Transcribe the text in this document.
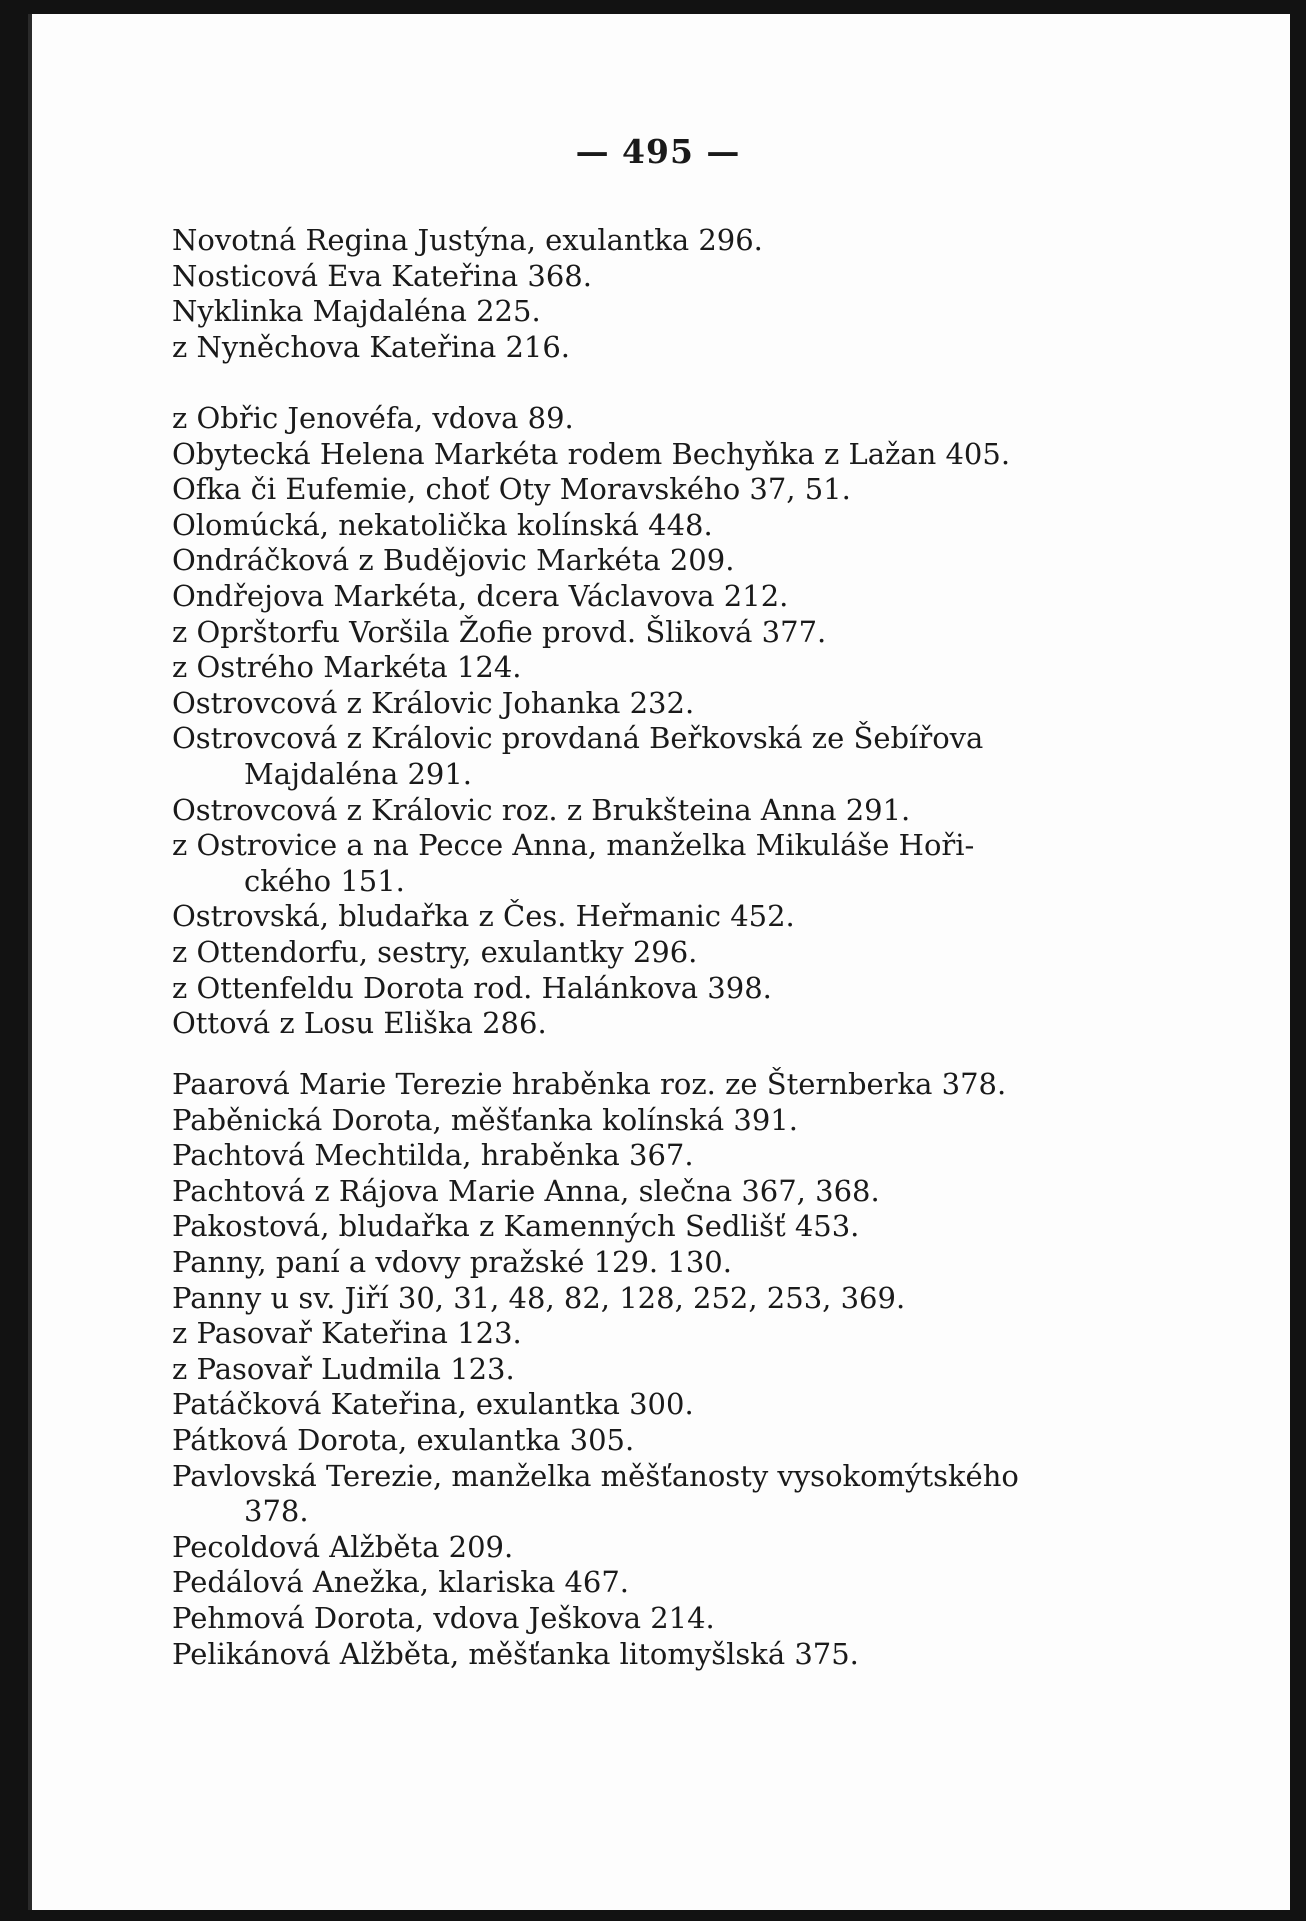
— 495 —
Novotná Regina Justýna, exulantka 296.
Nosticová Eva Kateřina 368.
Nyklinka Majdaléna 225.
z Nyněchova Kateřina 216.
z Obřic Jenovéfa, vdova 89.
Obytecká Helena Markéta rodem Bechyňka z Lažan 405.
Ofka či Eufemie, choť Oty Moravského 37, 51.
Olomúcká, nekatolička kolínská 448.
Ondráčková z Budějovic Markéta 209.
Ondřejova Markéta, dcera Václavova 212.
z Oprštorfu Voršila Žofie provd. Šliková 377.
z Ostrého Markéta 124.
Ostrovcová z Královic Johanka 232.
Ostrovcová z Královic provdaná Beřkovská ze Šebířova
Majdaléna 291.
Ostrovcová z Královic roz. z Brukšteina Anna 291.
z Ostrovice a na Pecce Anna, manželka Mikuláše Hoři-
ckého 151.
Ostrovská, bludařka z Čes. Heřmanic 452.
z Ottendorfu, sestry, exulantky 296.
z Ottenfeldu Dorota rod. Halánkova 398.
Ottová z Losu Eliška 286.
Paarová Marie Terezie hraběnka roz. ze Šternberka 378.
Paběnická Dorota, měšťanka kolínská 391.
Pachtová Mechtilda, hraběnka 367.
Pachtová z Rájova Marie Anna, slečna 367, 368.
Pakostová, bludařka z Kamenných Sedlišť 453.
Panny, paní a vdovy pražské 129. 130.
Panny u sv. Jiří 30, 31, 48, 82, 128, 252, 253, 369.
z Pasovař Kateřina 123.
z Pasovař Ludmila 123.
Patáčková Kateřina, exulantka 300.
Pátková Dorota, exulantka 305.
Pavlovská Terezie, manželka měšťanosty vysokomýtského
378.
Pecoldová Alžběta 209.
Pedálová Anežka, klariska 467.
Pehmová Dorota, vdova Ješkova 214.
Pelikánová Alžběta, měšťanka litomyšlská 375.
